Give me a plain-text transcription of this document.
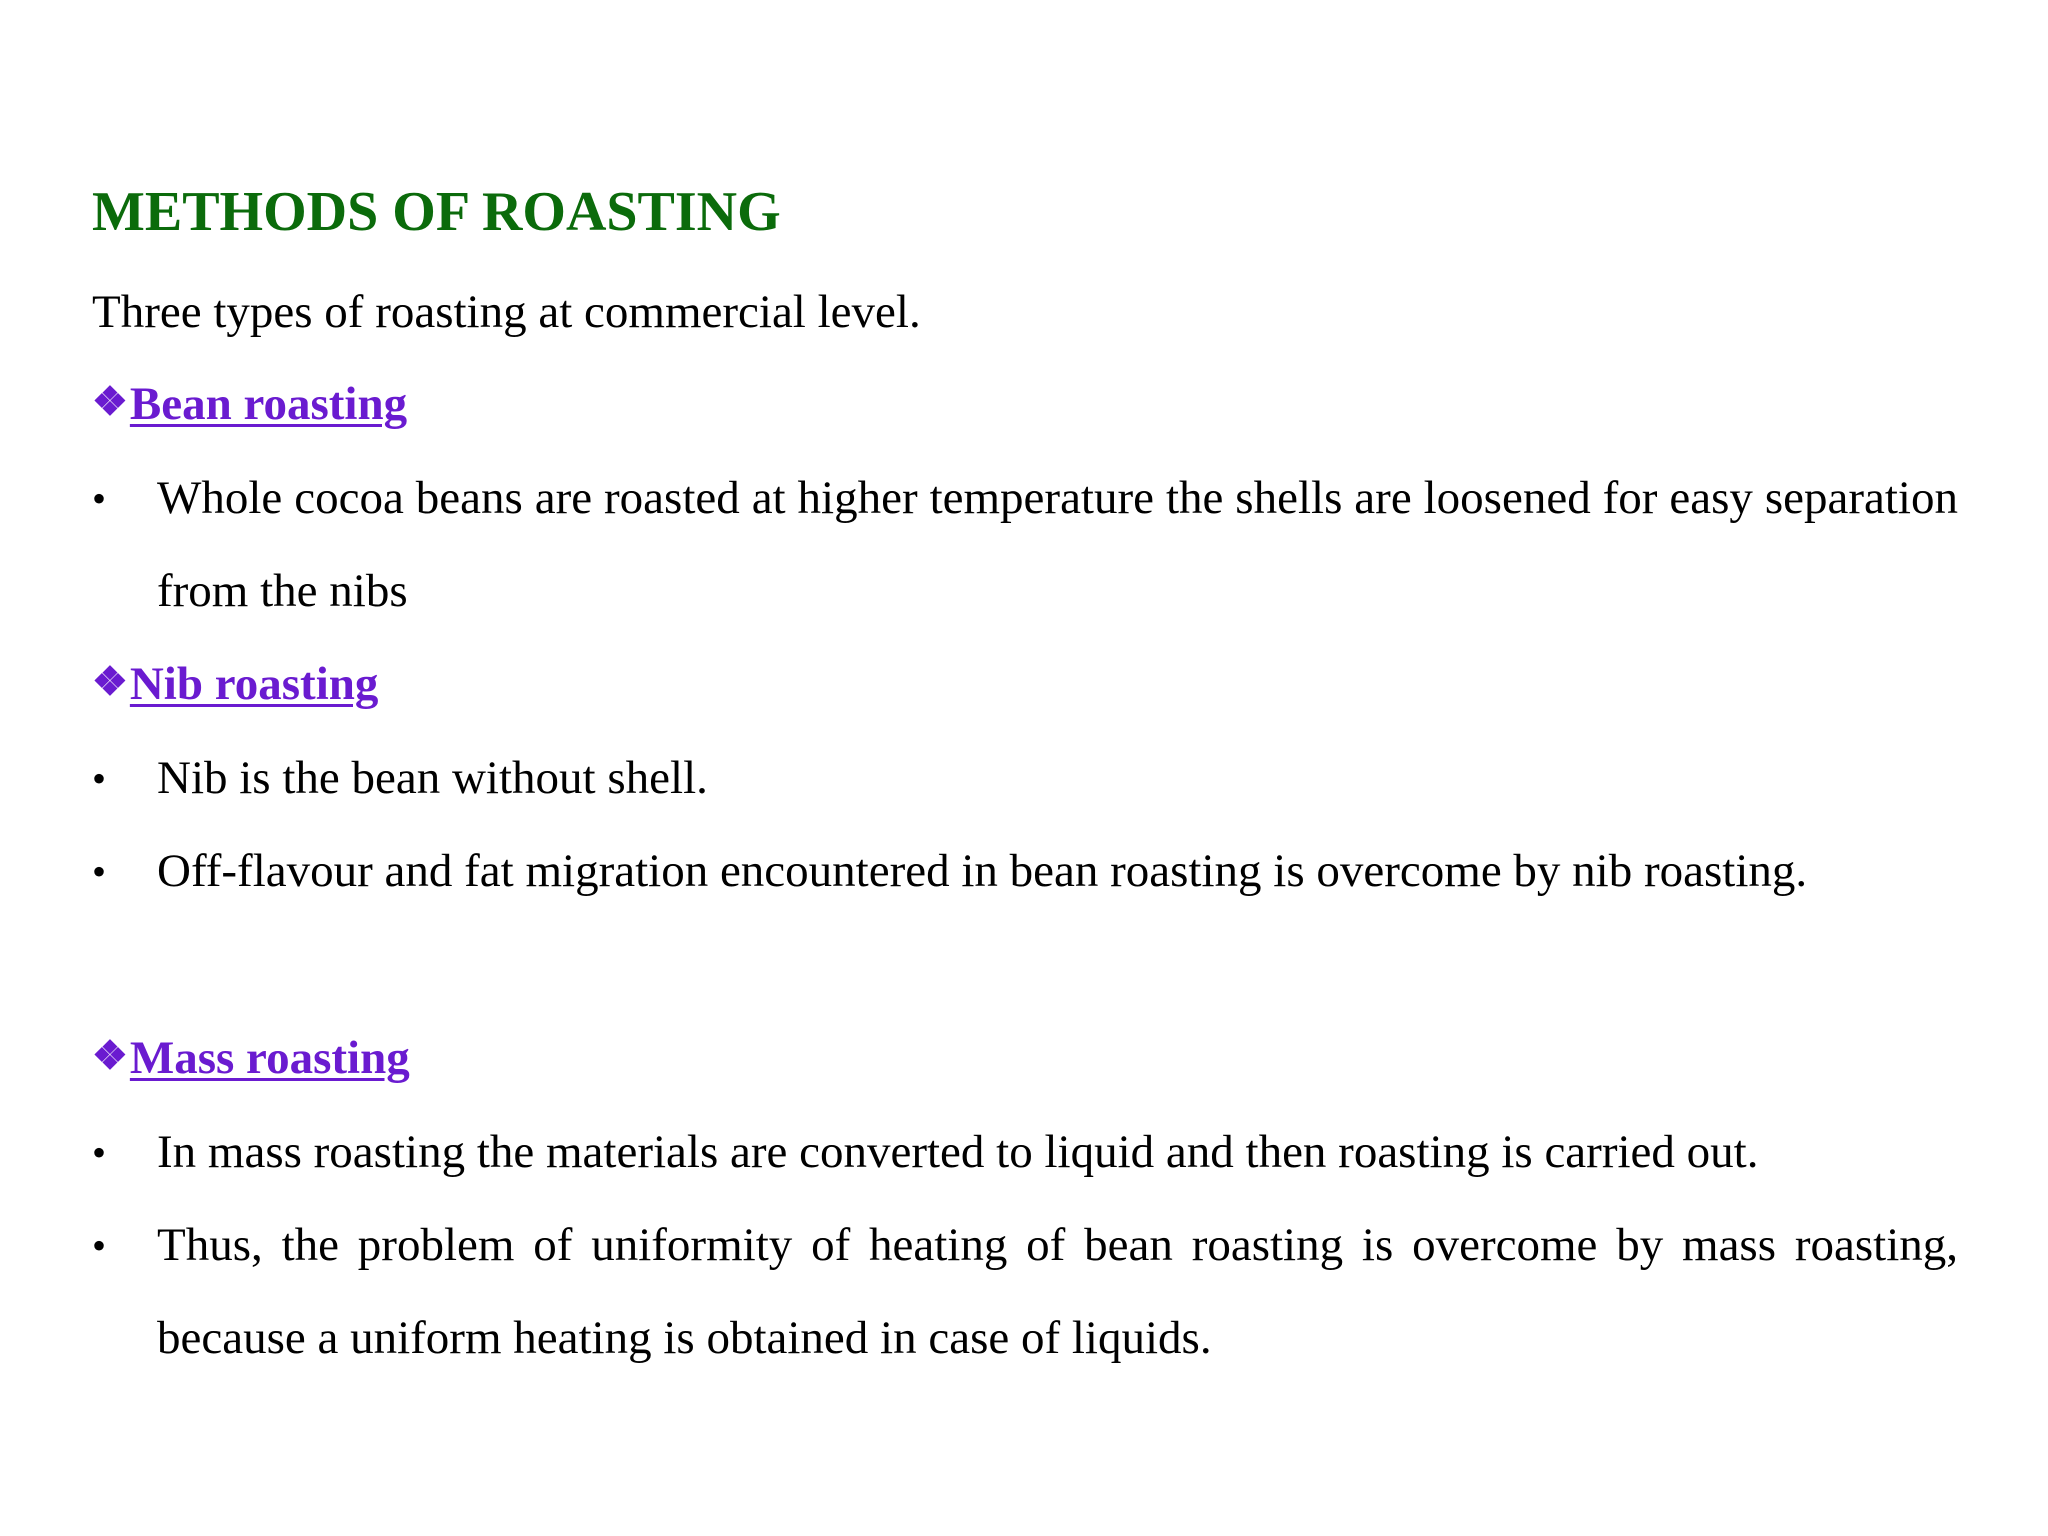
METHODS OF ROASTING
Three types of roasting at commercial level.
❖Bean roasting
•	Whole cocoa beans are roasted at higher temperature the shells are loosened for easy separation from the nibs
❖Nib roasting
•	Nib is the bean without shell.
•	Off-flavour and fat migration encountered in bean roasting is overcome by nib roasting.
❖Mass roasting
•	In mass roasting the materials are converted to liquid and then roasting is carried out.
•	Thus, the problem of uniformity of heating of bean roasting is overcome by mass roasting, because a uniform heating is obtained in case of liquids.
